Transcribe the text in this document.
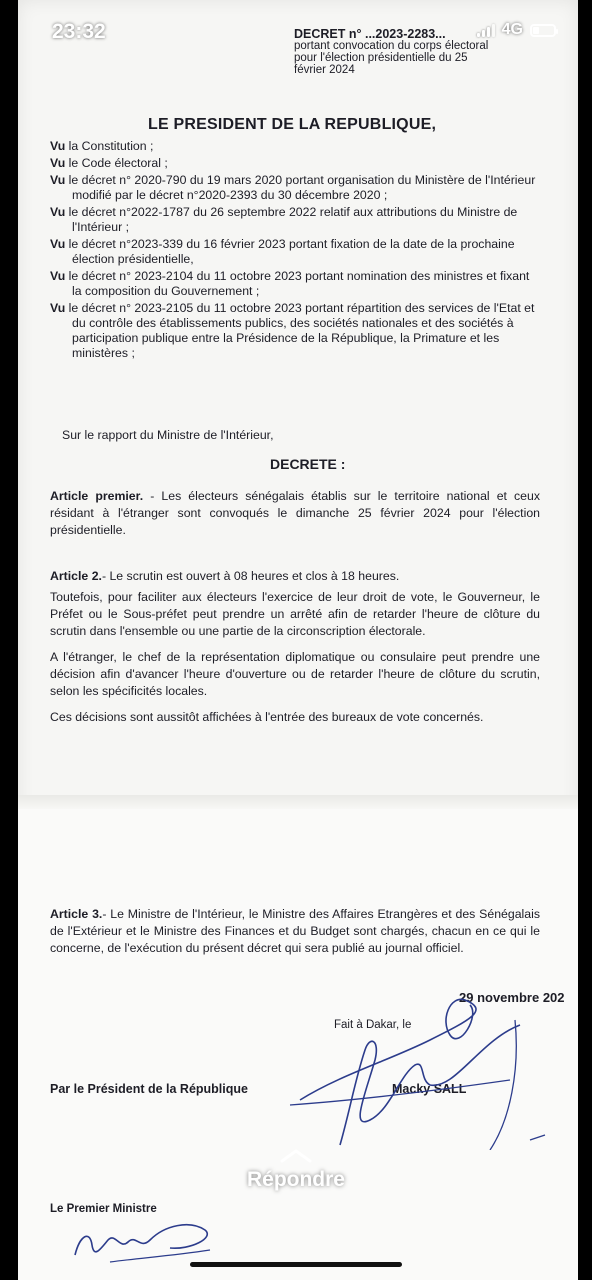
23:32	4G
DECRET n° ...2023-2283...
portant convocation du corps électoral
pour l'élection présidentielle du 25
février 2024
LE PRESIDENT DE LA REPUBLIQUE,
Vu la Constitution ;
Vu le Code électoral ;
Vu le décret n° 2020-790 du 19 mars 2020 portant organisation du Ministère de l'Intérieur modifié par le décret n°2020-2393 du 30 décembre 2020 ;
Vu le décret n°2022-1787 du 26 septembre 2022 relatif aux attributions du Ministre de l'Intérieur ;
Vu le décret n°2023-339 du 16 février 2023 portant fixation de la date de la prochaine élection présidentielle,
Vu le décret n° 2023-2104 du 11 octobre 2023 portant nomination des ministres et fixant la composition du Gouvernement ;
Vu le décret n° 2023-2105 du 11 octobre 2023 portant répartition des services de l'Etat et du contrôle des établissements publics, des sociétés nationales et des sociétés à participation publique entre la Présidence de la République, la Primature et les ministères ;
Sur le rapport du Ministre de l'Intérieur,
DECRETE :

Article premier. - Les électeurs sénégalais établis sur le territoire national et ceux résidant à l'étranger sont convoqués le dimanche 25 février 2024 pour l'élection présidentielle.

Article 2.- Le scrutin est ouvert à 08 heures et clos à 18 heures.

Toutefois, pour faciliter aux électeurs l'exercice de leur droit de vote, le Gouverneur, le Préfet ou le Sous-préfet peut prendre un arrêté afin de retarder l'heure de clôture du scrutin dans l'ensemble ou une partie de la circonscription électorale.

A l'étranger, le chef de la représentation diplomatique ou consulaire peut prendre une décision afin d'avancer l'heure d'ouverture ou de retarder l'heure de clôture du scrutin, selon les spécificités locales.

Ces décisions sont aussitôt affichées à l'entrée des bureaux de vote concernés.

Article 3.- Le Ministre de l'Intérieur, le Ministre des Affaires Etrangères et des Sénégalais de l'Extérieur et le Ministre des Finances et du Budget sont chargés, chacun en ce qui le concerne, de l'exécution du présent décret qui sera publié au journal officiel.

29 novembre 202
Fait à Dakar, le
Par le Président de la République	Macky SALL
Le Premier Ministre
Répondre
